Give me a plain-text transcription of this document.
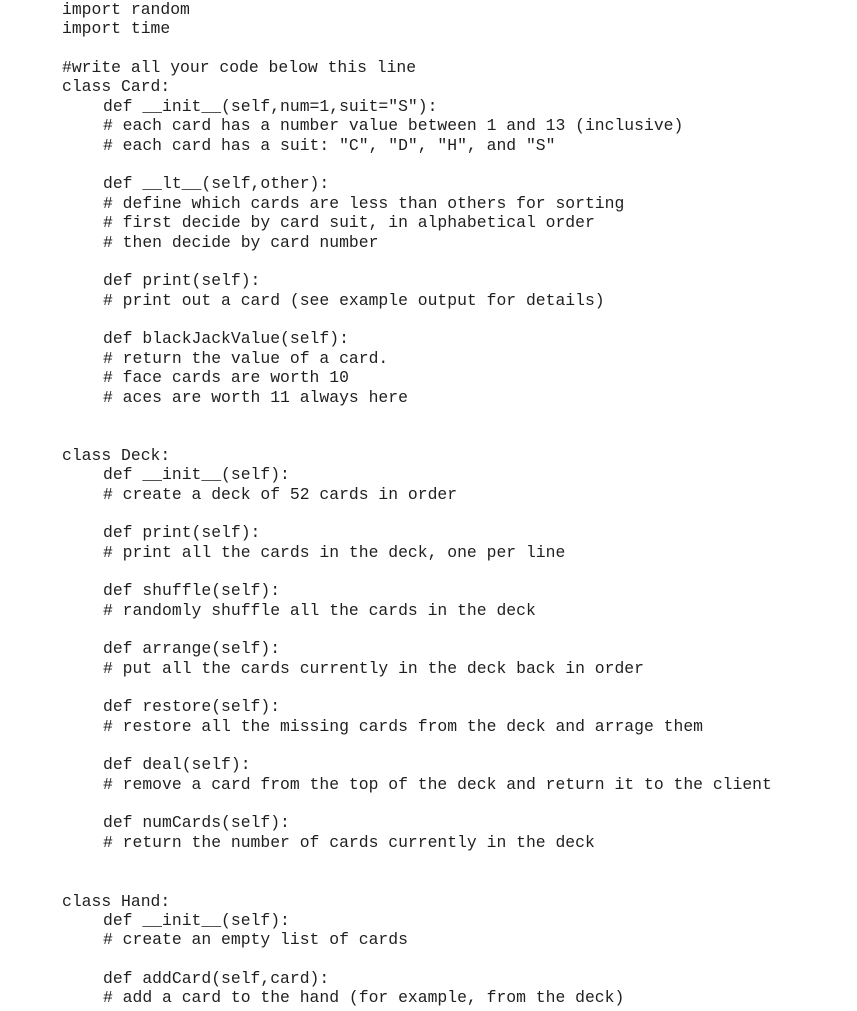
import random
import time
#write all your code below this line
class Card:
def __init__(self,num=1,suit="S"):
# each card has a number value between 1 and 13 (inclusive)
# each card has a suit: "C", "D", "H", and "S"
def __lt__(self,other):
# define which cards are less than others for sorting
# first decide by card suit, in alphabetical order
# then decide by card number
def print(self):
# print out a card (see example output for details)
def blackJackValue(self):
# return the value of a card.
# face cards are worth 10
# aces are worth 11 always here
class Deck:
def __init__(self):
# create a deck of 52 cards in order
def print(self):
# print all the cards in the deck, one per line
def shuffle(self):
# randomly shuffle all the cards in the deck
def arrange(self):
# put all the cards currently in the deck back in order
def restore(self):
# restore all the missing cards from the deck and arrage them
def deal(self):
# remove a card from the top of the deck and return it to the client
def numCards(self):
# return the number of cards currently in the deck
class Hand:
def __init__(self):
# create an empty list of cards
def addCard(self,card):
# add a card to the hand (for example, from the deck)
